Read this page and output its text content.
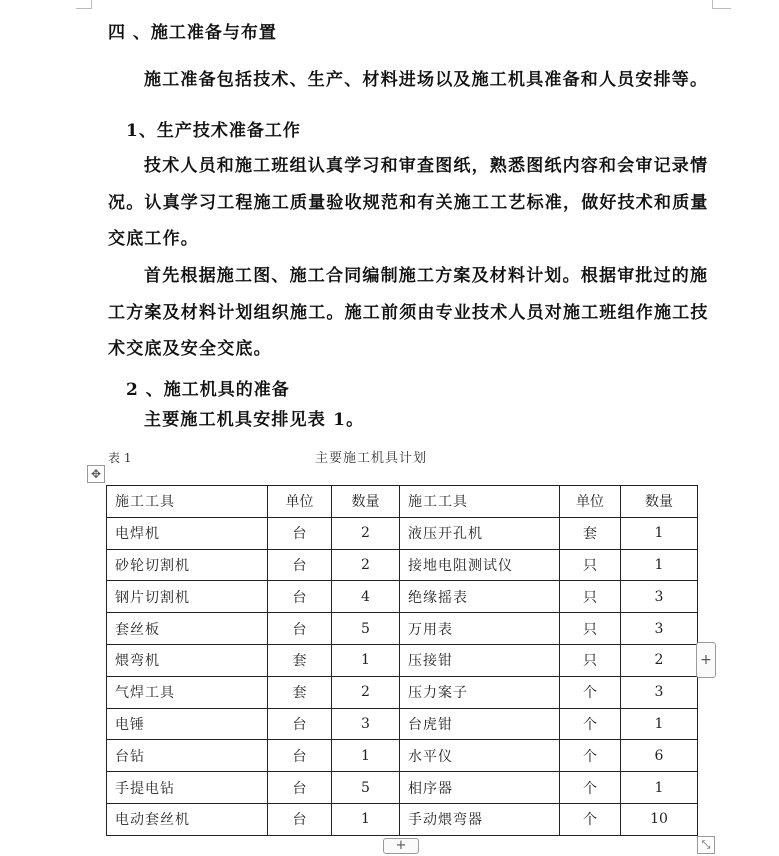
四 、施工准备与布置
施工准备包括技术、生产、材料进场以及施工机具准备和人员安排等。
1、生产技术准备工作
技术人员和施工班组认真学习和审查图纸，熟悉图纸内容和会审记录情况。认真学习工程施工质量验收规范和有关施工工艺标准，做好技术和质量交底工作。
首先根据施工图、施工合同编制施工方案及材料计划。根据审批过的施工方案及材料计划组织施工。施工前须由专业技术人员对施工班组作施工技术交底及安全交底。
2 、施工机具的准备
主要施工机具安排见表 1。
表 1	主要施工机具计划
✥
施工工具	单位	数量	施工工具	单位	数量
电焊机	台	2	液压开孔机	套	1
砂轮切割机	台	2	接地电阻测试仪	只	1
钢片切割机	台	4	绝缘摇表	只	3
套丝板	台	5	万用表	只	3
煨弯机	套	1	压接钳	只	2
气焊工具	套	2	压力案子	个	3
电锤	台	3	台虎钳	个	1
台钻	台	1	水平仪	个	6
手提电钻	台	5	相序器	个	1
电动套丝机	台	1	手动煨弯器	个	10
+
+	⤡
